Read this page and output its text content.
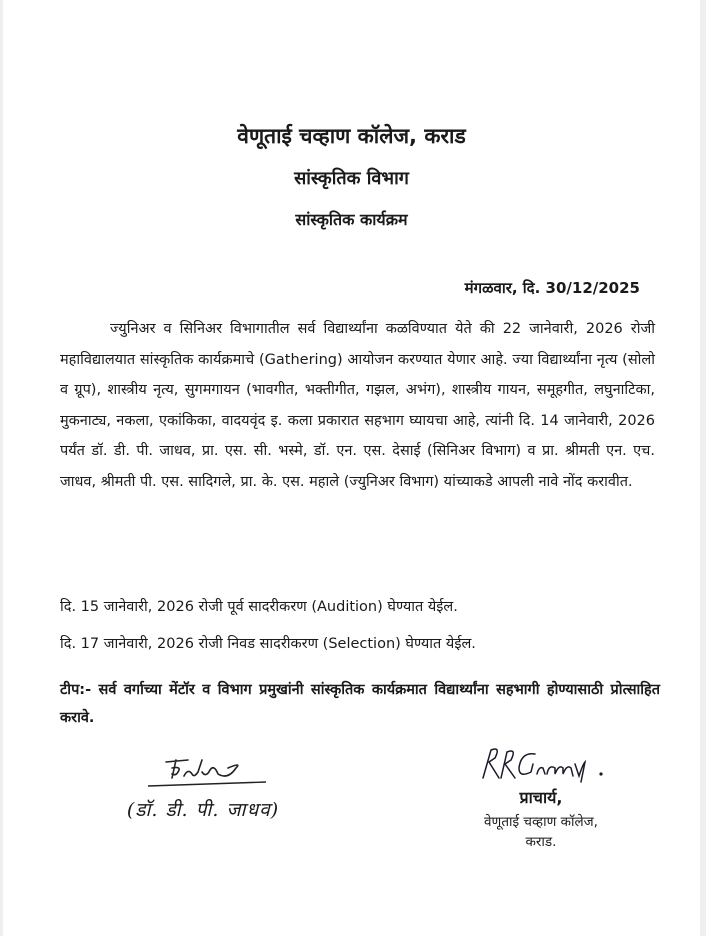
वेणूताई चव्हाण कॉलेज, कराड
सांस्कृतिक विभाग
सांस्कृतिक कार्यक्रम
मंगळवार, दि. 30/12/2025
ज्युनिअर व सिनिअर विभागातील सर्व विद्यार्थ्यांना कळविण्यात येते की 22 जानेवारी, 2026 रोजी महाविद्यालयात सांस्कृतिक कार्यक्रमाचे (Gathering) आयोजन करण्यात येणार आहे. ज्या विद्यार्थ्यांना नृत्य (सोलो व ग्रूप), शास्त्रीय नृत्य, सुगमगायन (भावगीत, भक्तीगीत, गझल, अभंग), शास्त्रीय गायन, समूहगीत, लघुनाटिका, मुकनाट्य, नकला, एकांकिका, वादयवृंद इ. कला प्रकारात सहभाग घ्यायचा आहे, त्यांनी दि. 14 जानेवारी, 2026 पर्यंत डॉ. डी. पी. जाधव, प्रा. एस. सी. भस्मे, डॉ. एन. एस. देसाई (सिनिअर विभाग) व प्रा. श्रीमती एन. एच. जाधव, श्रीमती पी. एस. सादिगले, प्रा. के. एस. महाले (ज्युनिअर विभाग) यांच्याकडे आपली नावे नोंद करावीत.
दि. 15 जानेवारी, 2026 रोजी पूर्व सादरीकरण (Audition) घेण्यात येईल.
दि. 17 जानेवारी, 2026 रोजी निवड सादरीकरण (Selection) घेण्यात येईल.
टीप:- सर्व वर्गाच्या मेंटॉर व विभाग प्रमुखांनी सांस्कृतिक कार्यक्रमात विद्यार्थ्यांना सहभागी होण्यासाठी प्रोत्साहित करावे.
(डॉ. डी. पी. जाधव)
प्राचार्य,
वेणूताई चव्हाण कॉलेज,
कराड.
